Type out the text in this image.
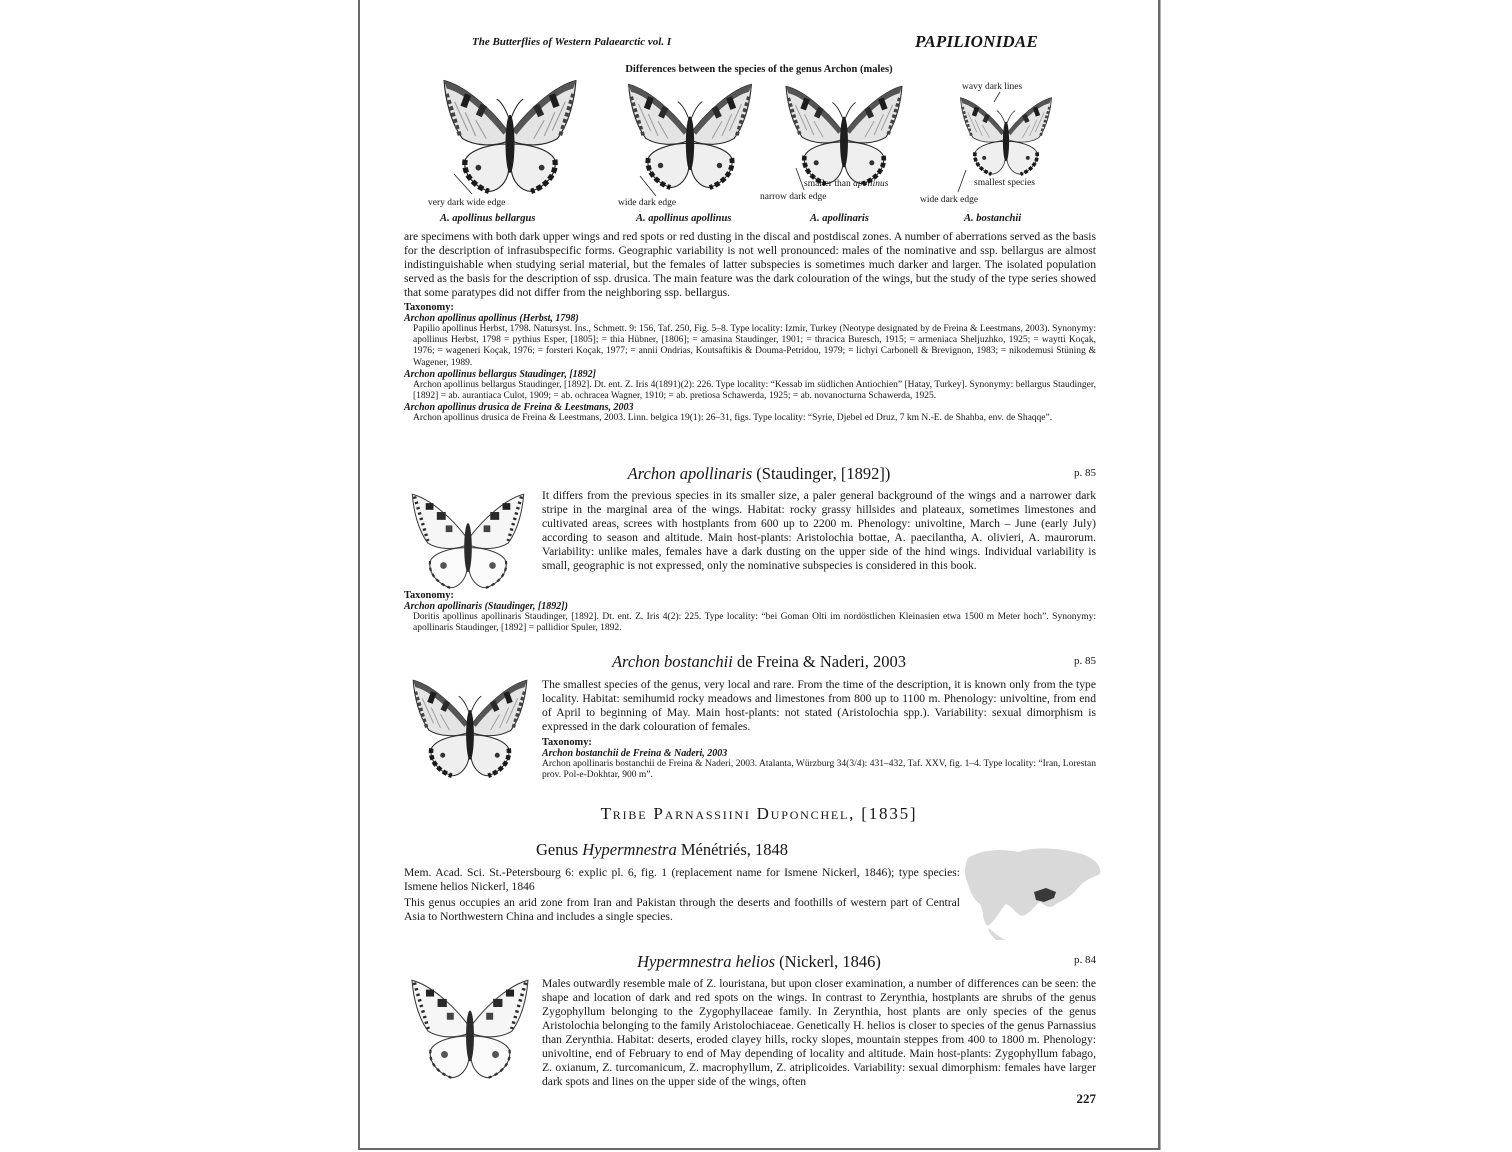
The Butterflies of Western Palaearctic vol. I	PAPILIONIDAE
Differences between the species of the genus Archon (males)
very dark wide edge	wide dark edge
smaller than apollinus
narrow dark edge
wavy dark lines
smallest species
wide dark edge
A. apollinus bellargus	A. apollinus apollinus	A. apollinaris	A. bostanchii
are specimens with both dark upper wings and red spots or red dusting in the discal and postdiscal zones. A number of aberrations served as the basis for the description of infrasubspecific forms. Geographic variability is not well pronounced: males of the nominative and ssp. bellargus are almost indistinguishable when studying serial material, but the females of latter subspecies is sometimes much darker and larger. The isolated population served as the basis for the description of ssp. drusica. The main feature was the dark colouration of the wings, but the study of the type series showed that some paratypes did not differ from the neighboring ssp. bellargus.
Taxonomy:
Archon apollinus apollinus (Herbst, 1798)
Papilio apollinus Herbst, 1798. Natursyst. Ins., Schmett. 9: 156, Taf. 250, Fig. 5–8. Type locality: Izmir, Turkey (Neotype designated by de Freina & Leestmans, 2003). Synonymy: apollinus Herbst, 1798 = pythius Esper, [1805]; = thia Hübner, [1806]; = amasina Staudinger, 1901; = thracica Buresch, 1915; = armeniaca Sheljuzhko, 1925; = waytti Koçak, 1976; = wageneri Koçak, 1976; = forsteri Koçak, 1977; = annii Ondrias, Koutsaftikis & Douma-Petridou, 1979; = lichyi Carbonell & Brevignon, 1983; = nikodemusi Stüning & Wagener, 1989.
Archon apollinus bellargus Staudinger, [1892]
Archon apollinus bellargus Staudinger, [1892]. Dt. ent. Z. Iris 4(1891)(2): 226. Type locality: “Kessab im südlichen Antiochien” [Hatay, Turkey]. Synonymy: bellargus Staudinger, [1892] = ab. aurantiaca Culot, 1909; = ab. ochracea Wagner, 1910; = ab. pretiosa Schawerda, 1925; = ab. novanocturna Schawerda, 1925.
Archon apollinus drusica de Freina & Leestmans, 2003
Archon apollinus drusica de Freina & Leestmans, 2003. Linn. belgica 19(1): 26–31, figs. Type locality: “Syrie, Djebel ed Druz, 7 km N.-E. de Shahba, env. de Shaqqe”.
Archon apollinaris (Staudinger, [1892])	p. 85
It differs from the previous species in its smaller size, a paler general background of the wings and a narrower dark stripe in the marginal area of the wings. Habitat: rocky grassy hillsides and plateaux, sometimes limestones and cultivated areas, screes with hostplants from 600 up to 2200 m. Phenology: univoltine, March – June (early July) according to season and altitude. Main host-plants: Aristolochia bottae, A. paecilantha, A. olivieri, A. maurorum. Variability: unlike males, females have a dark dusting on the upper side of the hind wings. Individual variability is small, geographic is not expressed, only the nominative subspecies is considered in this book.
Taxonomy:
Archon apollinaris (Staudinger, [1892])
Doritis apollinus apollinaris Staudinger, [1892]. Dt. ent. Z. Iris 4(2): 225. Type locality: “bei Goman Olti im nordöstlichen Kleinasien etwa 1500 m Meter hoch”. Synonymy: apollinaris Staudinger, [1892] = pallidior Spuler, 1892.
Archon bostanchii de Freina & Naderi, 2003	p. 85
The smallest species of the genus, very local and rare. From the time of the description, it is known only from the type locality. Habitat: semihumid rocky meadows and limestones from 800 up to 1100 m. Phenology: univoltine, from end of April to beginning of May. Main host-plants: not stated (Aristolochia spp.). Variability: sexual dimorphism is expressed in the dark colouration of females.
Taxonomy:
Archon bostanchii de Freina & Naderi, 2003
Archon apollinaris bostanchii de Freina & Naderi, 2003. Atalanta, Würzburg 34(3/4): 431–432, Taf. XXV, fig. 1–4. Type locality: “Iran, Lorestan prov. Pol-e-Dokhtar, 900 m”.
Tribe Parnassiini Duponchel, [1835]
Genus Hypermnestra Ménétriés, 1848
Mem. Acad. Sci. St.-Petersbourg 6: explic pl. 6, fig. 1 (replacement name for Ismene Nickerl, 1846); type species: Ismene helios Nickerl, 1846
This genus occupies an arid zone from Iran and Pakistan through the deserts and foothills of western part of Central Asia to Northwestern China and includes a single species.
Hypermnestra helios (Nickerl, 1846)	p. 84
Males outwardly resemble male of Z. louristana, but upon closer examination, a number of differences can be seen: the shape and location of dark and red spots on the wings. In contrast to Zerynthia, hostplants are shrubs of the genus Zygophyllum belonging to the Zygophyllaceae family. In Zerynthia, host plants are only species of the genus Aristolochia belonging to the family Aristolochiaceae. Genetically H. helios is closer to species of the genus Parnassius than Zerynthia. Habitat: deserts, eroded clayey hills, rocky slopes, mountain steppes from 400 to 1800 m. Phenology: univoltine, end of February to end of May depending of locality and altitude. Main host-plants: Zygophyllum fabago, Z. oxianum, Z. turcomanicum, Z. macrophyllum, Z. atriplicoides. Variability: sexual dimorphism: females have larger dark spots and lines on the upper side of the wings, often
227
